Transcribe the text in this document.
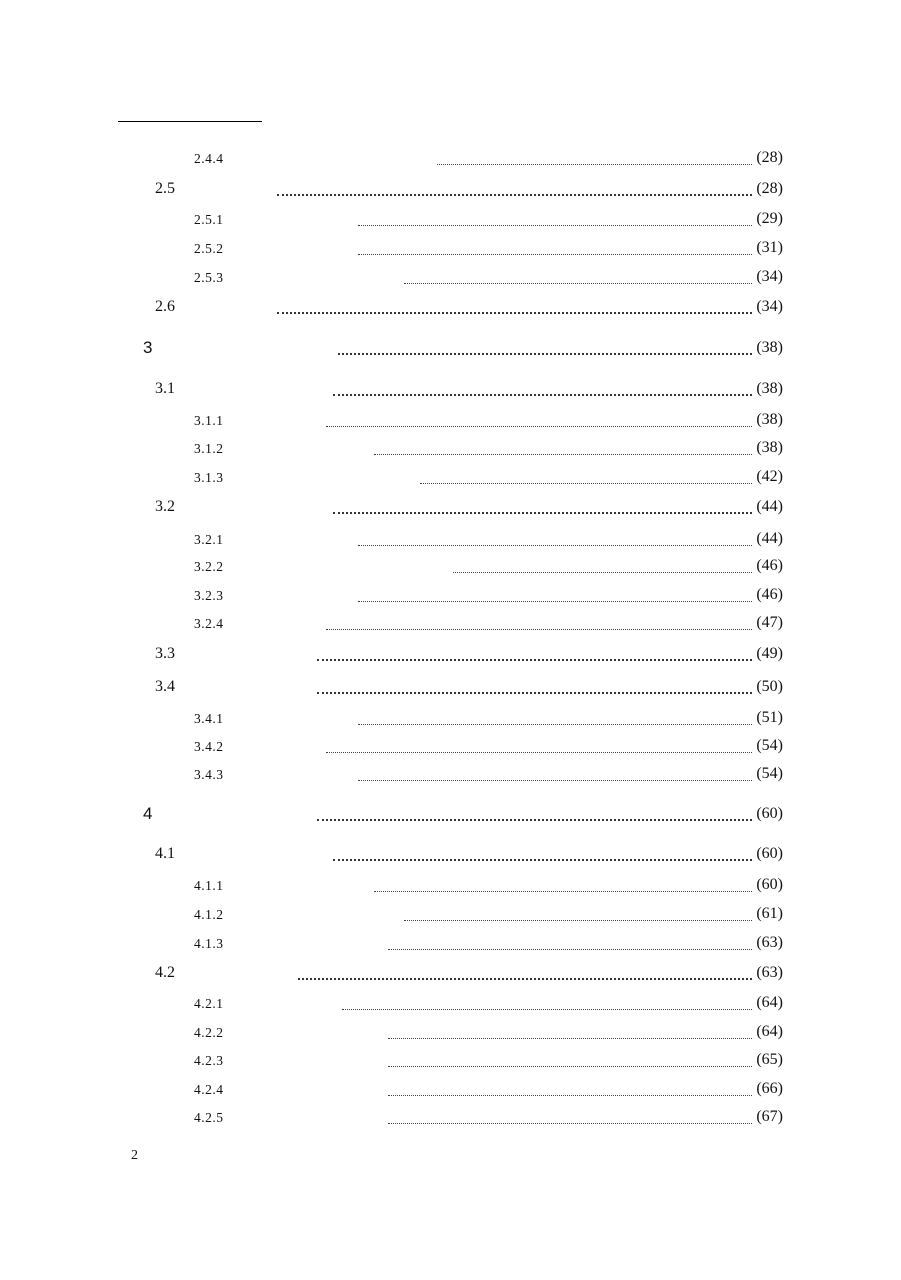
2.4.4	(28)
2.5	(28)
2.5.1	(29)
2.5.2	(31)
2.5.3	(34)
2.6	(34)
3	(38)
3.1	(38)
3.1.1	(38)
3.1.2	(38)
3.1.3	(42)
3.2	(44)
3.2.1	(44)
3.2.2	(46)
3.2.3	(46)
3.2.4	(47)
3.3	(49)
3.4	(50)
3.4.1	(51)
3.4.2	(54)
3.4.3	(54)
4	(60)
4.1	(60)
4.1.1	(60)
4.1.2	(61)
4.1.3	(63)
4.2	(63)
4.2.1	(64)
4.2.2	(64)
4.2.3	(65)
4.2.4	(66)
4.2.5	(67)
2
